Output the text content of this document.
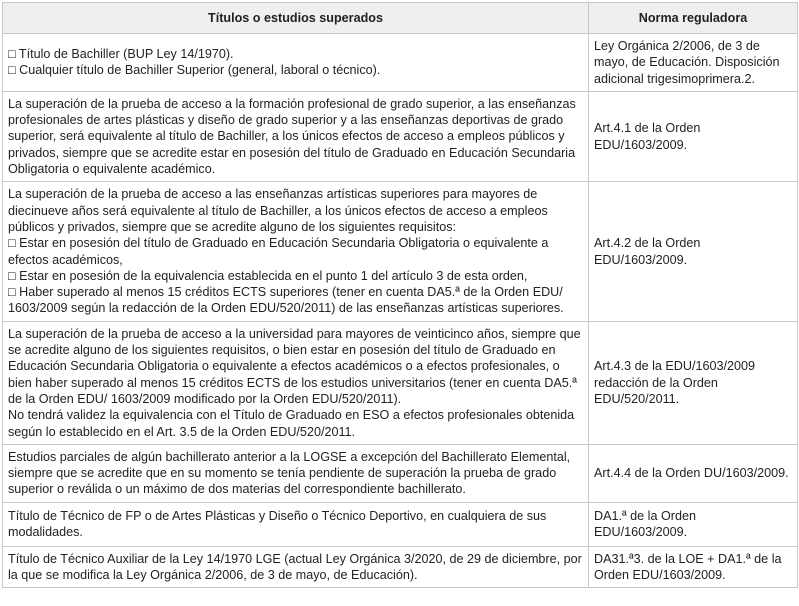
Títulos o estudios superados	Norma reguladora

□ Título de Bachiller (BUP Ley 14/1970).
□ Cualquier título de Bachiller Superior (general, laboral o técnico).	Ley Orgánica 2/2006, de 3 de mayo, de Educación. Disposición adicional trigesimoprimera.2.

La superación de la prueba de acceso a la formación profesional de grado superior, a las enseñanzas profesionales de artes plásticas y diseño de grado superior y a las enseñanzas deportivas de grado superior, será equivalente al título de Bachiller, a los únicos efectos de acceso a empleos públicos y privados, siempre que se acredite estar en posesión del título de Graduado en Educación Secundaria Obligatoria o equivalente académico.	Art.4.1 de la Orden EDU/1603/2009.

La superación de la prueba de acceso a las enseñanzas artísticas superiores para mayores de diecinueve años será equivalente al título de Bachiller, a los únicos efectos de acceso a empleos públicos y privados, siempre que se acredite alguno de los siguientes requisitos:
□ Estar en posesión del título de Graduado en Educación Secundaria Obligatoria o equivalente a efectos académicos,
□ Estar en posesión de la equivalencia establecida en el punto 1 del artículo 3 de esta orden,
□ Haber superado al menos 15 créditos ECTS superiores (tener en cuenta DA5.ª de la Orden EDU/ 1603/2009 según la redacción de la Orden EDU/520/2011) de las enseñanzas artísticas superiores.	Art.4.2 de la Orden EDU/1603/2009.

La superación de la prueba de acceso a la universidad para mayores de veinticinco años, siempre que se acredite alguno de los siguientes requisitos, o bien estar en posesión del título de Graduado en Educación Secundaria Obligatoria o equivalente a efectos académicos o a efectos profesionales, o bien haber superado al menos 15 créditos ECTS de los estudios universitarios (tener en cuenta DA5.ª de la Orden EDU/ 1603/2009 modificado por la Orden EDU/520/2011).
No tendrá validez la equivalencia con el Título de Graduado en ESO a efectos profesionales obtenida según lo establecido en el Art. 3.5 de la Orden EDU/520/2011.	Art.4.3 de la EDU/1603/2009 redacción de la Orden EDU/520/2011.

Estudios parciales de algún bachillerato anterior a la LOGSE a excepción del Bachillerato Elemental, siempre que se acredite que en su momento se tenía pendiente de superación la prueba de grado superior o reválida o un máximo de dos materias del correspondiente bachillerato.	Art.4.4 de la Orden DU/1603/2009.

Título de Técnico de FP o de Artes Plásticas y Diseño o Técnico Deportivo, en cualquiera de sus modalidades.	DA1.ª de la Orden EDU/1603/2009.

Título de Técnico Auxiliar de la Ley 14/1970 LGE (actual Ley Orgánica 3/2020, de 29 de diciembre, por la que se modifica la Ley Orgánica 2/2006, de 3 de mayo, de Educación).	DA31.ª3. de la LOE + DA1.ª de la Orden EDU/1603/2009.
